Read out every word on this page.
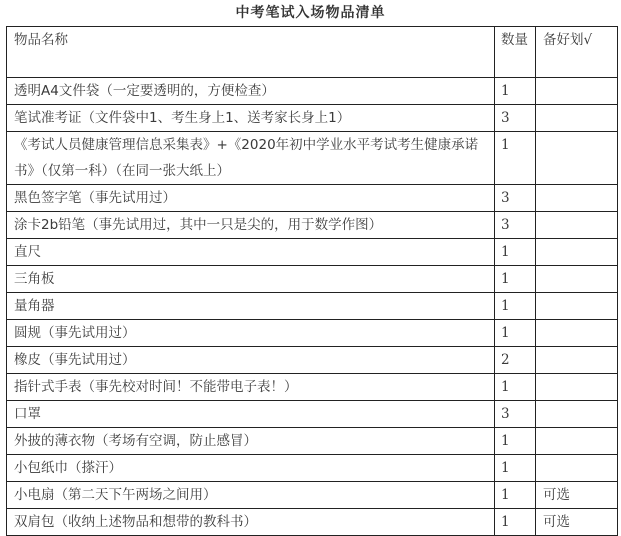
中考笔试入场物品清单
物品名称	数量	备好划√
透明A4文件袋（一定要透明的，方便检查）	1	
笔试准考证（文件袋中1、考生身上1、送考家长身上1）	3	
《考试人员健康管理信息采集表》+《2020年初中学业水平考试考生健康承诺书》（仅第一科）（在同一张大纸上）	1	
黑色签字笔（事先试用过）	3	
涂卡2b铅笔（事先试用过，其中一只是尖的，用于数学作图）	3	
直尺	1	
三角板	1	
量角器	1	
圆规（事先试用过）	1	
橡皮（事先试用过）	2	
指针式手表（事先校对时间！不能带电子表！）	1	
口罩	3	
外披的薄衣物（考场有空调，防止感冒）	1	
小包纸巾（搽汗）	1	
小电扇（第二天下午两场之间用）	1	可选
双肩包（收纳上述物品和想带的教科书）	1	可选
